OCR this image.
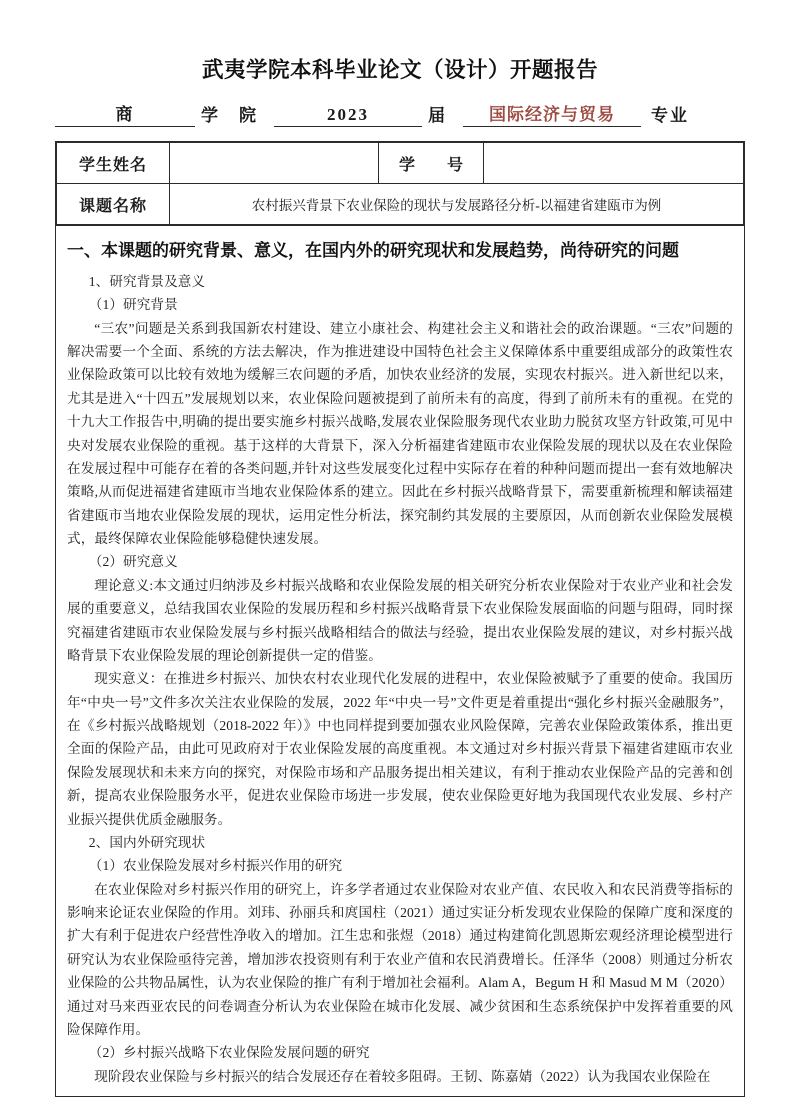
武夷学院本科毕业论文（设计）开题报告
商	学　院	2023	届	国际经济与贸易	专业
学生姓名		学　号	
课题名称	农村振兴背景下农业保险的现状与发展路径分析-以福建省建瓯市为例		
一、本课题的研究背景、意义，在国内外的研究现状和发展趋势，尚待研究的问题

1、研究背景及意义

（1）研究背景

“三农”问题是关系到我国新农村建设、建立小康社会、构建社会主义和谐社会的政治课题。“三农”问题的解决需要一个全面、系统的方法去解决，作为推进建设中国特色社会主义保障体系中重要组成部分的政策性农业保险政策可以比较有效地为缓解三农问题的矛盾，加快农业经济的发展，实现农村振兴。进入新世纪以来，尤其是进入“十四五”发展规划以来，农业保险问题被提到了前所未有的高度，得到了前所未有的重视。在党的十九大工作报告中,明确的提出要实施乡村振兴战略,发展农业保险服务现代农业助力脱贫攻坚方针政策,可见中央对发展农业保险的重视。基于这样的大背景下，深入分析福建省建瓯市农业保险发展的现状以及在农业保险在发展过程中可能存在着的各类问题,并针对这些发展变化过程中实际存在着的种种问题而提出一套有效地解决策略,从而促进福建省建瓯市当地农业保险体系的建立。因此在乡村振兴战略背景下，需要重新梳理和解读福建省建瓯市当地农业保险发展的现状，运用定性分析法，探究制约其发展的主要原因，从而创新农业保险发展模式，最终保障农业保险能够稳健快速发展。

（2）研究意义

理论意义:本文通过归纳涉及乡村振兴战略和农业保险发展的相关研究分析农业保险对于农业产业和社会发展的重要意义，总结我国农业保险的发展历程和乡村振兴战略背景下农业保险发展面临的问题与阻碍，同时探究福建省建瓯市农业保险发展与乡村振兴战略相结合的做法与经验，提出农业保险发展的建议，对乡村振兴战略背景下农业保险发展的理论创新提供一定的借鉴。

现实意义：在推进乡村振兴、加快农村农业现代化发展的进程中，农业保险被赋予了重要的使命。我国历年“中央一号”文件多次关注农业保险的发展，2022 年“中央一号”文件更是着重提出“强化乡村振兴金融服务”，在《乡村振兴战略规划（2018-2022 年）》中也同样提到要加强农业风险保障，完善农业保险政策体系，推出更全面的保险产品，由此可见政府对于农业保险发展的高度重视。本文通过对乡村振兴背景下福建省建瓯市农业保险发展现状和未来方向的探究，对保险市场和产品服务提出相关建议，有利于推动农业保险产品的完善和创新，提高农业保险服务水平，促进农业保险市场进一步发展，使农业保险更好地为我国现代农业发展、乡村产业振兴提供优质金融服务。

2、国内外研究现状

（1）农业保险发展对乡村振兴作用的研究

在农业保险对乡村振兴作用的研究上，许多学者通过农业保险对农业产值、农民收入和农民消费等指标的影响来论证农业保险的作用。刘玮、孙丽兵和庹国柱（2021）通过实证分析发现农业保险的保障广度和深度的扩大有利于促进农户经营性净收入的增加。江生忠和张煜（2018）通过构建简化凯恩斯宏观经济理论模型进行研究认为农业保险亟待完善，增加涉农投资则有利于农业产值和农民消费增长。任泽华（2008）则通过分析农业保险的公共物品属性，认为农业保险的推广有利于增加社会福利。Alam A，Begum H 和 Masud M M（2020）通过对马来西亚农民的问卷调查分析认为农业保险在城市化发展、减少贫困和生态系统保护中发挥着重要的风险保障作用。

（2）乡村振兴战略下农业保险发展问题的研究

现阶段农业保险与乡村振兴的结合发展还存在着较多阻碍。王韧、陈嘉婧（2022）认为我国农业保险在
